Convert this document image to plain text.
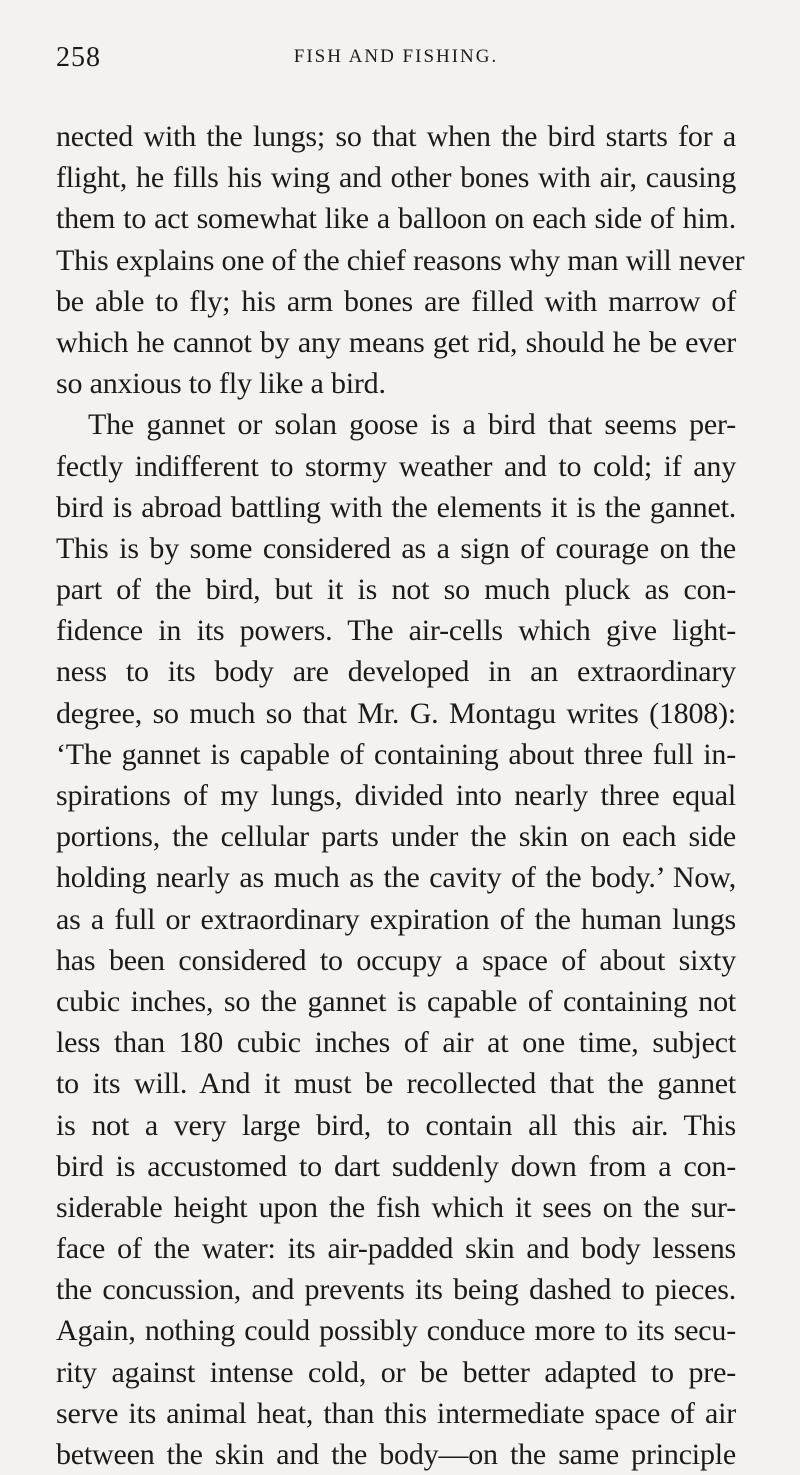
258	FISH AND FISHING.
nected with the lungs; so that when the bird starts for a
flight, he fills his wing and other bones with air, causing
them to act somewhat like a balloon on each side of him.
This explains one of the chief reasons why man will never
be able to fly; his arm bones are filled with marrow of
which he cannot by any means get rid, should he be ever
so anxious to fly like a bird.
The gannet or solan goose is a bird that seems per-
fectly indifferent to stormy weather and to cold; if any
bird is abroad battling with the elements it is the gannet.
This is by some considered as a sign of courage on the
part of the bird, but it is not so much pluck as con-
fidence in its powers. The air-cells which give light-
ness to its body are developed in an extraordinary
degree, so much so that Mr. G. Montagu writes (1808):
‘The gannet is capable of containing about three full in-
spirations of my lungs, divided into nearly three equal
portions, the cellular parts under the skin on each side
holding nearly as much as the cavity of the body.’ Now,
as a full or extraordinary expiration of the human lungs
has been considered to occupy a space of about sixty
cubic inches, so the gannet is capable of containing not
less than 180 cubic inches of air at one time, subject
to its will. And it must be recollected that the gannet
is not a very large bird, to contain all this air. This
bird is accustomed to dart suddenly down from a con-
siderable height upon the fish which it sees on the sur-
face of the water: its air-padded skin and body lessens
the concussion, and prevents its being dashed to pieces.
Again, nothing could possibly conduce more to its secu-
rity against intense cold, or be better adapted to pre-
serve its animal heat, than this intermediate space of air
between the skin and the body—on the same principle
